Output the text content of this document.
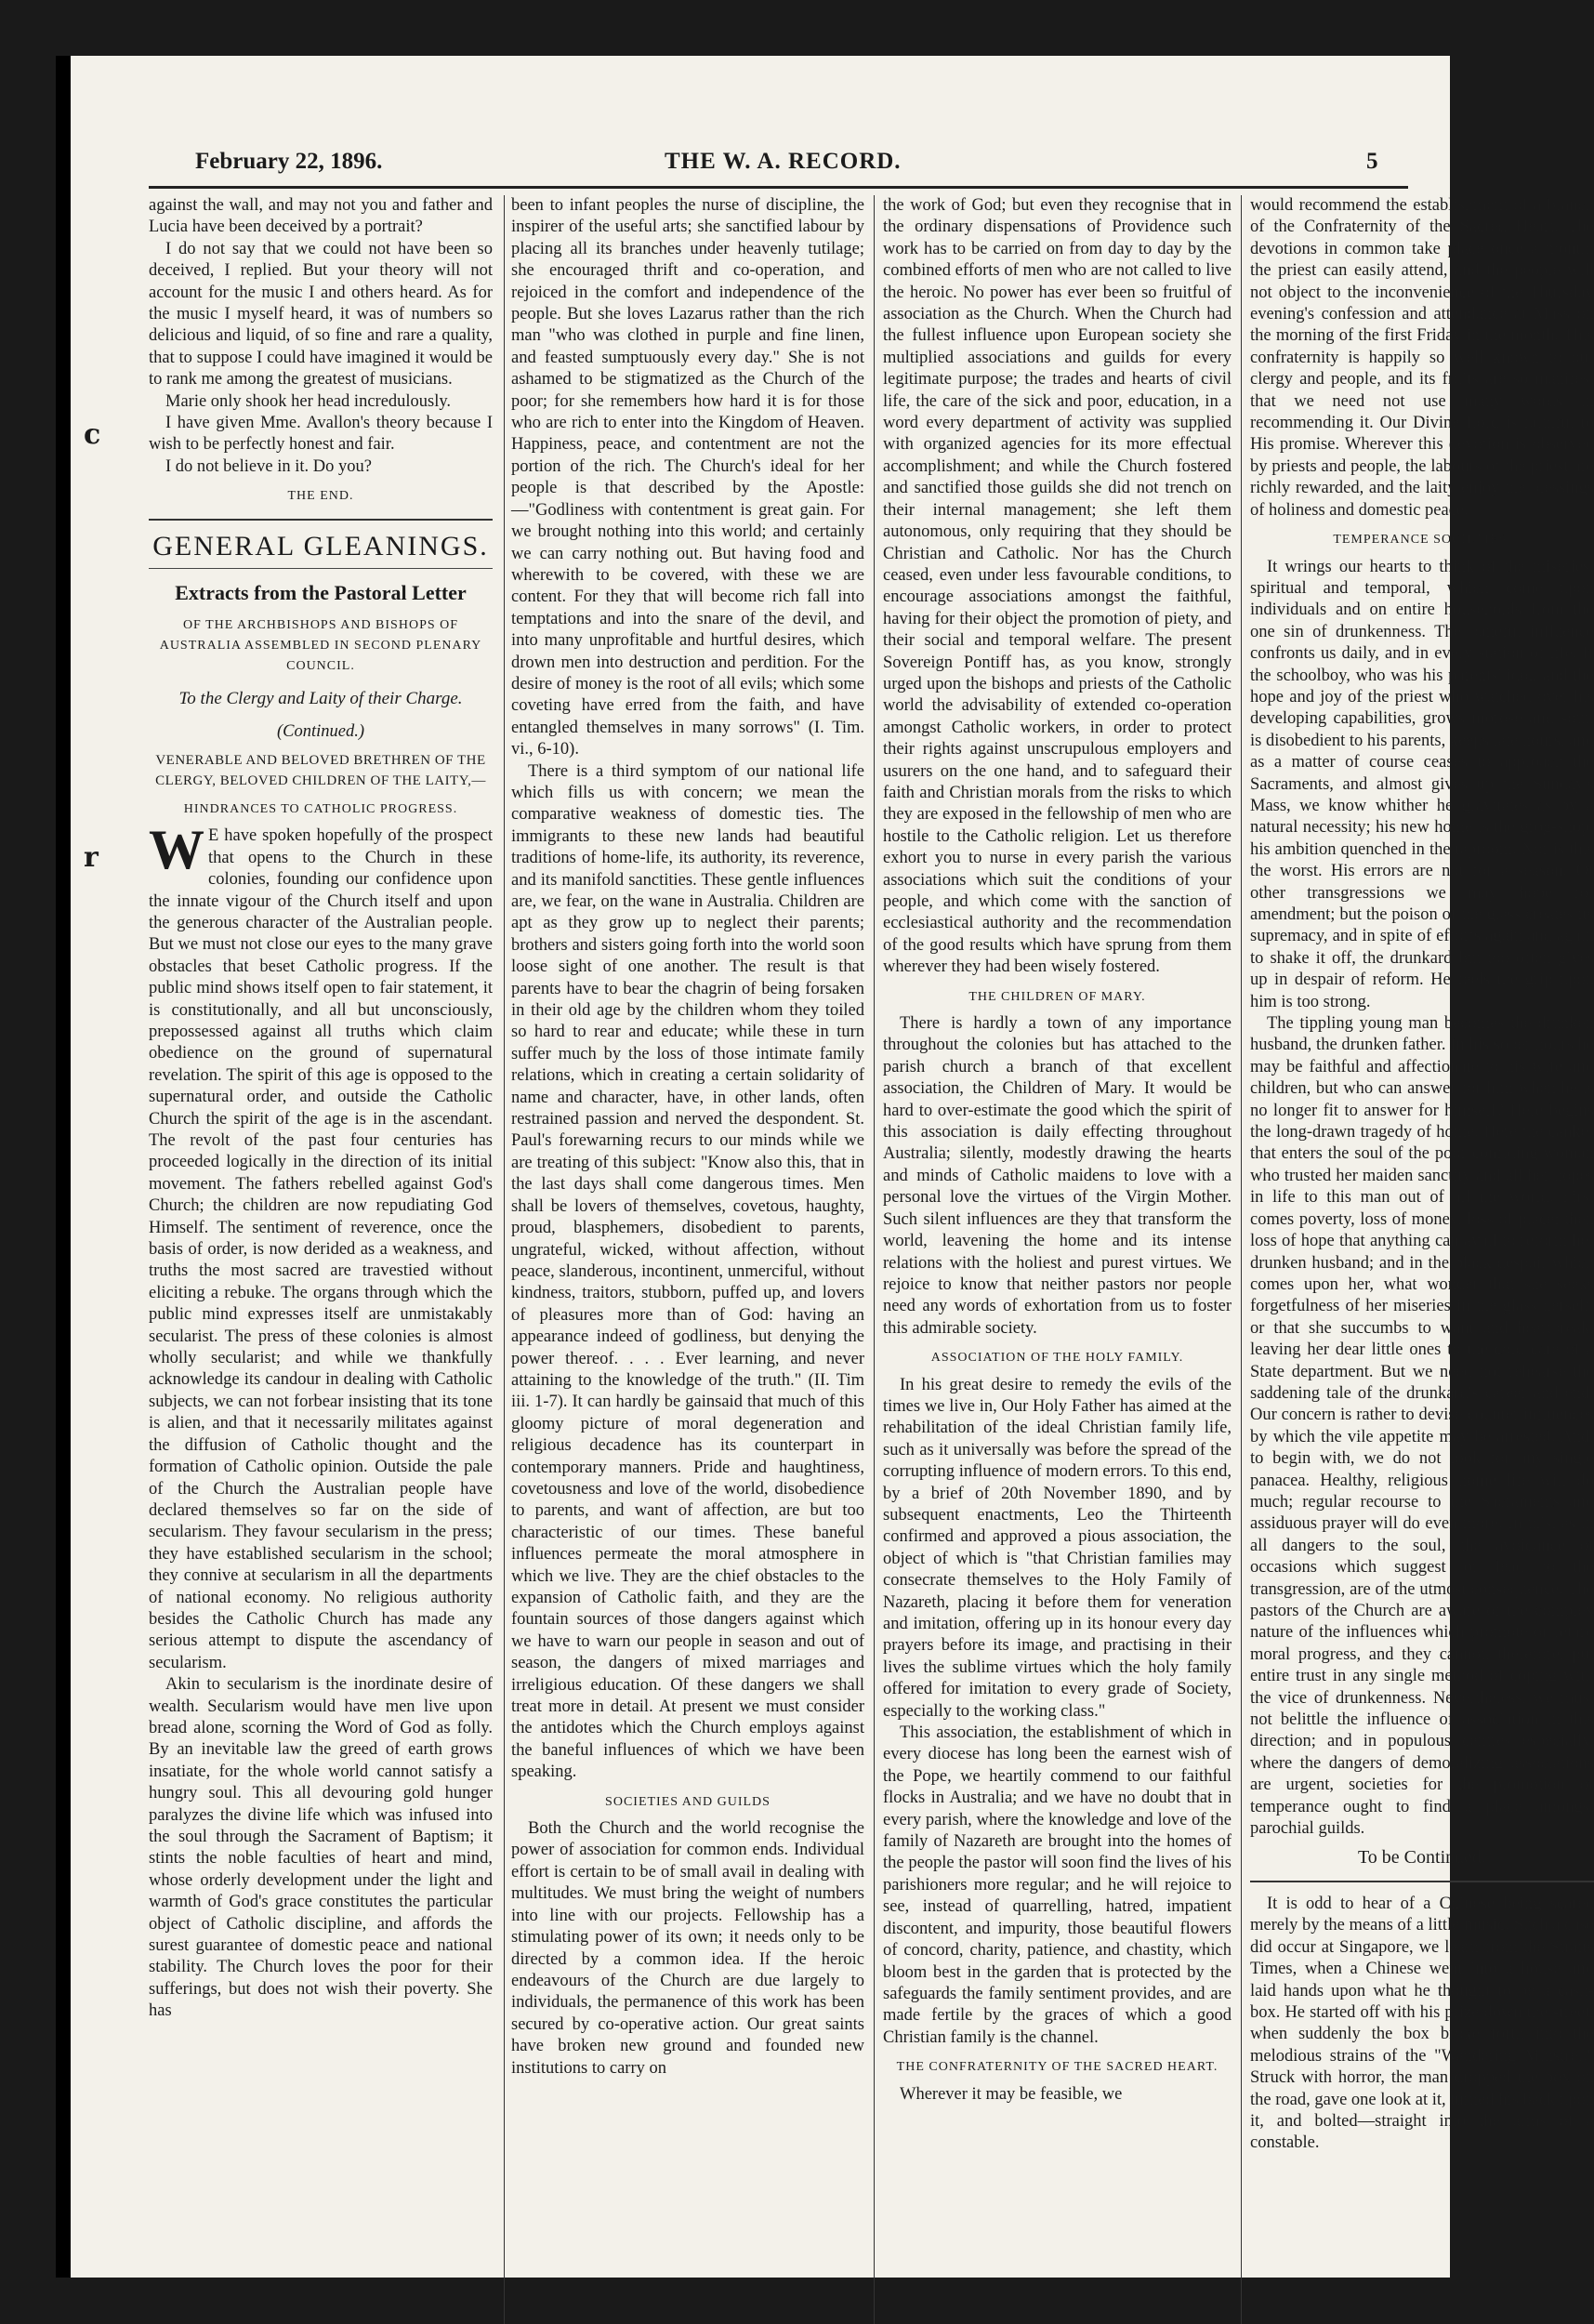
c
r
February 22, 1896.	THE W. A. RECORD.	5

against the wall, and may not you and father and Lucia have been deceived by a portrait?

I do not say that we could not have been so deceived, I replied. But your theory will not account for the music I and others heard. As for the music I myself heard, it was of numbers so delicious and liquid, of so fine and rare a quality, that to suppose I could have imagined it would be to rank me among the greatest of musicians.

Marie only shook her head incredulously.

I have given Mme. Avallon's theory because I wish to be perfectly honest and fair.

I do not believe in it. Do you?

THE END.
GENERAL GLEANINGS.
Extracts from the Pastoral Letter
OF THE ARCHBISHOPS AND BISHOPS OF AUSTRALIA ASSEMBLED IN SECOND PLENARY COUNCIL.
To the Clergy and Laity of their Charge.
(Continued.)
VENERABLE AND BELOVED BRETHREN OF THE CLERGY, BELOVED CHILDREN OF THE LAITY,—
HINDRANCES TO CATHOLIC PROGRESS.

W E have spoken hopefully of the prospect that opens to the Church in these colonies, founding our confidence upon the innate vigour of the Church itself and upon the generous character of the Australian people. But we must not close our eyes to the many grave obstacles that beset Catholic progress. If the public mind shows itself open to fair statement, it is constitutionally, and all but unconsciously, prepossessed against all truths which claim obedience on the ground of supernatural revelation. The spirit of this age is opposed to the supernatural order, and outside the Catholic Church the spirit of the age is in the ascendant. The revolt of the past four centuries has proceeded logically in the direction of its initial movement. The fathers rebelled against God's Church; the children are now repudiating God Himself. The sentiment of reverence, once the basis of order, is now derided as a weakness, and truths the most sacred are travestied without eliciting a rebuke. The organs through which the public mind expresses itself are unmistakably secularist. The press of these colonies is almost wholly secularist; and while we thankfully acknowledge its candour in dealing with Catholic subjects, we can not forbear insisting that its tone is alien, and that it necessarily militates against the diffusion of Catholic thought and the formation of Catholic opinion. Outside the pale of the Church the Australian people have declared themselves so far on the side of secularism. They favour secularism in the press; they have established secularism in the school; they connive at secularism in all the departments of national economy. No religious authority besides the Catholic Church has made any serious attempt to dispute the ascendancy of secularism.

Akin to secularism is the inordinate desire of wealth. Secularism would have men live upon bread alone, scorning the Word of God as folly. By an inevitable law the greed of earth grows insatiate, for the whole world cannot satisfy a hungry soul. This all devouring gold hunger paralyzes the divine life which was infused into the soul through the Sacrament of Baptism; it stints the noble faculties of heart and mind, whose orderly development under the light and warmth of God's grace constitutes the particular object of Catholic discipline, and affords the surest guarantee of domestic peace and national stability. The Church loves the poor for their sufferings, but does not wish their poverty. She has

been to infant peoples the nurse of discipline, the inspirer of the useful arts; she sanctified labour by placing all its branches under heavenly tutilage; she encouraged thrift and co-operation, and rejoiced in the comfort and independence of the people. But she loves Lazarus rather than the rich man "who was clothed in purple and fine linen, and feasted sumptuously every day." She is not ashamed to be stigmatized as the Church of the poor; for she remembers how hard it is for those who are rich to enter into the Kingdom of Heaven. Happiness, peace, and contentment are not the portion of the rich. The Church's ideal for her people is that described by the Apostle:—"Godliness with contentment is great gain. For we brought nothing into this world; and certainly we can carry nothing out. But having food and wherewith to be covered, with these we are content. For they that will become rich fall into temptations and into the snare of the devil, and into many unprofitable and hurtful desires, which drown men into destruction and perdition. For the desire of money is the root of all evils; which some coveting have erred from the faith, and have entangled themselves in many sorrows" (I. Tim. vi., 6-10).

There is a third symptom of our national life which fills us with concern; we mean the comparative weakness of domestic ties. The immigrants to these new lands had beautiful traditions of home-life, its authority, its reverence, and its manifold sanctities. These gentle influences are, we fear, on the wane in Australia. Children are apt as they grow up to neglect their parents; brothers and sisters going forth into the world soon loose sight of one another. The result is that parents have to bear the chagrin of being forsaken in their old age by the children whom they toiled so hard to rear and educate; while these in turn suffer much by the loss of those intimate family relations, which in creating a certain solidarity of name and character, have, in other lands, often restrained passion and nerved the despondent. St. Paul's forewarning recurs to our minds while we are treating of this subject: "Know also this, that in the last days shall come dangerous times. Men shall be lovers of themselves, covetous, haughty, proud, blasphemers, disobedient to parents, ungrateful, wicked, without affection, without peace, slanderous, incontinent, unmerciful, without kindness, traitors, stubborn, puffed up, and lovers of pleasures more than of God: having an appearance indeed of godliness, but denying the power thereof. . . . Ever learning, and never attaining to the knowledge of the truth." (II. Tim iii. 1-7). It can hardly be gainsaid that much of this gloomy picture of moral degeneration and religious decadence has its counterpart in contemporary manners. Pride and haughtiness, covetousness and love of the world, disobedience to parents, and want of affection, are but too characteristic of our times. These baneful influences permeate the moral atmosphere in which we live. They are the chief obstacles to the expansion of Catholic faith, and they are the fountain sources of those dangers against which we have to warn our people in season and out of season, the dangers of mixed marriages and irreligious education. Of these dangers we shall treat more in detail. At present we must consider the antidotes which the Church employs against the baneful influences of which we have been speaking.

SOCIETIES AND GUILDS

Both the Church and the world recognise the power of association for common ends. Individual effort is certain to be of small avail in dealing with multitudes. We must bring the weight of numbers into line with our projects. Fellowship has a stimulating power of its own; it needs only to be directed by a common idea. If the heroic endeavours of the Church are due largely to individuals, the permanence of this work has been secured by co-operative action. Our great saints have broken new ground and founded new institutions to carry on

the work of God; but even they recognise that in the ordinary dispensations of Providence such work has to be carried on from day to day by the combined efforts of men who are not called to live the heroic. No power has ever been so fruitful of association as the Church. When the Church had the fullest influence upon European society she multiplied associations and guilds for every legitimate purpose; the trades and hearts of civil life, the care of the sick and poor, education, in a word every department of activity was supplied with organized agencies for its more effectual accomplishment; and while the Church fostered and sanctified those guilds she did not trench on their internal management; she left them autonomous, only requiring that they should be Christian and Catholic. Nor has the Church ceased, even under less favourable conditions, to encourage associations amongst the faithful, having for their object the promotion of piety, and their social and temporal welfare. The present Sovereign Pontiff has, as you know, strongly urged upon the bishops and priests of the Catholic world the advisability of extended co-operation amongst Catholic workers, in order to protect their rights against unscrupulous employers and usurers on the one hand, and to safeguard their faith and Christian morals from the risks to which they are exposed in the fellowship of men who are hostile to the Catholic religion. Let us therefore exhort you to nurse in every parish the various associations which suit the conditions of your people, and which come with the sanction of ecclesiastical authority and the recommendation of the good results which have sprung from them wherever they had been wisely fostered.

THE CHILDREN OF MARY.

There is hardly a town of any importance throughout the colonies but has attached to the parish church a branch of that excellent association, the Children of Mary. It would be hard to over-estimate the good which the spirit of this association is daily effecting throughout Australia; silently, modestly drawing the hearts and minds of Catholic maidens to love with a personal love the virtues of the Virgin Mother. Such silent influences are they that transform the world, leavening the home and its intense relations with the holiest and purest virtues. We rejoice to know that neither pastors nor people need any words of exhortation from us to foster this admirable society.

ASSOCIATION OF THE HOLY FAMILY.

In his great desire to remedy the evils of the times we live in, Our Holy Father has aimed at the rehabilitation of the ideal Christian family life, such as it universally was before the spread of the corrupting influence of modern errors. To this end, by a brief of 20th November 1890, and by subsequent enactments, Leo the Thirteenth confirmed and approved a pious association, the object of which is "that Christian families may consecrate themselves to the Holy Family of Nazareth, placing it before them for veneration and imitation, offering up in its honour every day prayers before its image, and practising in their lives the sublime virtues which the holy family offered for imitation to every grade of Society, especially to the working class."

This association, the establishment of which in every diocese has long been the earnest wish of the Pope, we heartily commend to our faithful flocks in Australia; and we have no doubt that in every parish, where the knowledge and love of the family of Nazareth are brought into the homes of the people the pastor will soon find the lives of his parishioners more regular; and he will rejoice to see, instead of quarrelling, hatred, impatient discontent, and impurity, those beautiful flowers of concord, charity, patience, and chastity, which bloom best in the garden that is protected by the safeguards the family sentiment provides, and are made fertile by the graces of which a good Christian family is the channel.

THE CONFRATERNITY OF THE SACRED HEART.

Wherever it may be feasible, we

would recommend the establishment of a branch of the Confraternity of the Sacred Heart. The devotions in common take place once a month; the priest can easily attend, and the people will not object to the inconvenience of the Thursday evening's confession and attendance at Mass on the morning of the first Friday in the month. This confraternity is happily so well known to our clergy and people, and its fruits are so manifest that we need not use many words in recommending it. Our Divine Lord is faithful to His promise. Wherever this devotion is observed by priests and people, the labours of the priest are richly rewarded, and the laity enjoy the blessings of holiness and domestic peace.

TEMPERANCE SOCIETIES.

It wrings our hearts to think of the miseries, spiritual and temporal, which come upon individuals and on entire households from the one sin of drunkenness. The baneful influence confronts us daily, and in every station of life. If the schoolboy, who was his parents' idol, and the hope and joy of the priest who watched over his developing capabilities, grows morose and sour, is disobedient to his parents, keeps late hours, and as a matter of course ceases to approach the Sacraments, and almost gives up the Sunday's Mass, we know whither he gravitates as by a natural necessity; his new home is the grog-shop, his ambition quenched in the taproom. Nor is this the worst. His errors are not for a season. Of other transgressions we may hope for amendment; but the poison of the glass creates its supremacy, and in spite of efforts again and again to shake it off, the drunkard but too often gives up in despair of reform. He feels the grip upon him is too strong.

The tippling young man becomes the drunken husband, the drunken father. In his sober hours he may be faithful and affectionate to his wife and children, but who can answer for him when he is no longer fit to answer for himself? Here begins the long-drawn tragedy of home. Here the canker that enters the soul of the poor confiding woman who trusted her maiden sanctity and all her hopes in life to this man out of all the world. First comes poverty, loss of money, loss of place; then loss of hope that anything can avail to reform her drunken husband; and in the black despair which comes upon her, what wonder that she seeks forgetfulness of her miseries in the glass herself, or that she succumbs to want and heartbreak, leaving her dear little ones to the cold care of a State department. But we need not rehearse the saddening tale of the drunkard's career and end. Our concern is rather to devise counter influences by which the vile appetite may be arrested. And, to begin with, we do not look for any single panacea. Healthy, religious home life will do much; regular recourse to the Sacraments and assiduous prayer will do even more. In this, as in all dangers to the soul, the avoidance of occasions which suggest or lead to the transgression, are of the utmost consequence. The pastors of the Church are aware of the complex nature of the influences which promote or retard moral progress, and they cannot, therefore, put entire trust in any single method of coping with the vice of drunkenness. Nevertheless, we must not belittle the influence of association in this direction; and in populous centres especially, where the dangers of demoralizing associations are urgent, societies for the promotion of temperance ought to find a place amongst parochial guilds.

To be Continued.

It is odd to hear of a Chinese being scared merely by the means of a little music. Such a case did occur at Singapore, we learn from the Straits Times, when a Chinese went into a house and laid hands upon what he thought to be a cash-box. He started off with his prize down the street, when suddenly the box broke forth into the melodious strains of the "Wandering Minstrel." Struck with horror, the man dropped the box on the road, gave one look at it, turned his back upon it, and bolted—straight into the arms of a constable.
